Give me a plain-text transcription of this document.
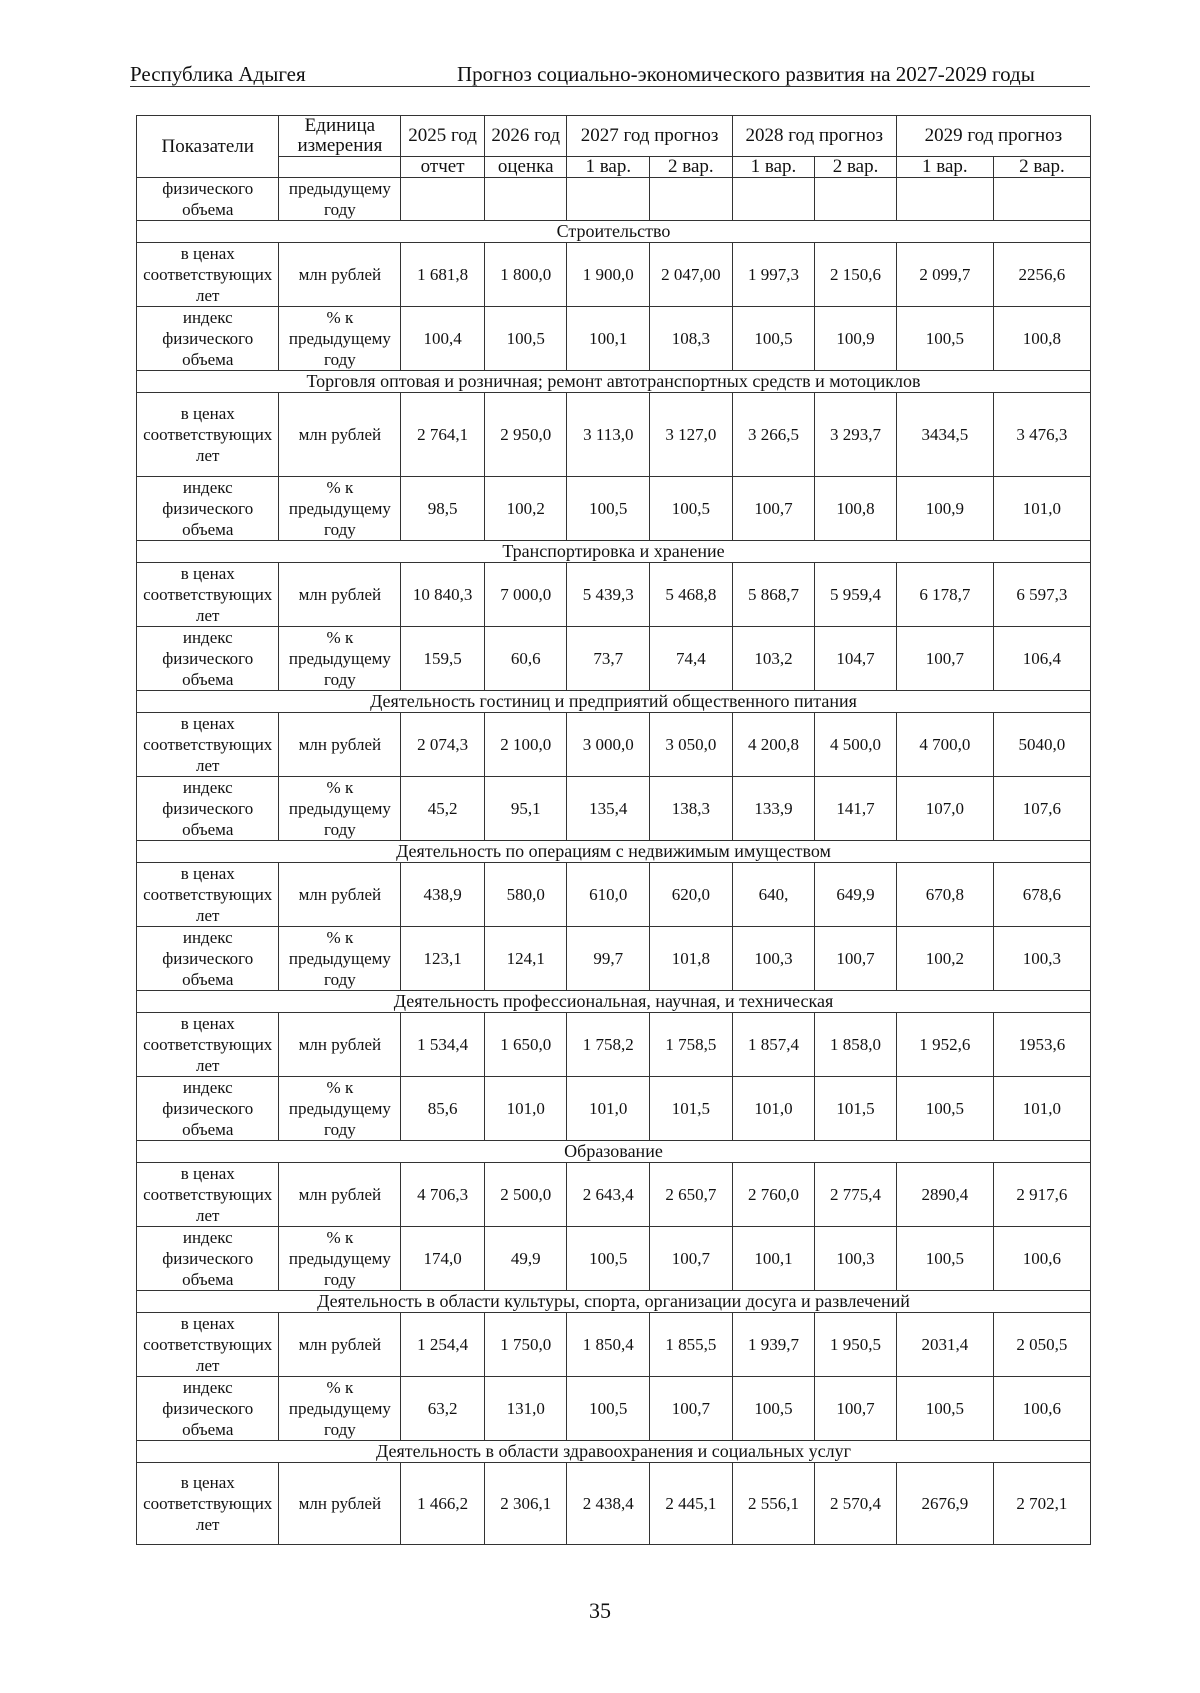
Республика Адыгея	Прогноз социально-экономического развития на 2027-2029 годы
Показатели	Единица измерения	2025 год	2026 год	2027 год прогноз		2028 год прогноз		2029 год прогноз	
		отчет	оценка	1 вар.	2 вар.	1 вар.	2 вар.	1 вар.	2 вар.
физического объема	предыдущему году								
Строительство									
в ценах соответствующих лет	млн рублей	1 681,8	1 800,0	1 900,0	2 047,00	1 997,3	2 150,6	2 099,7	2256,6
индекс физического объема	% к предыдущему году	100,4	100,5	100,1	108,3	100,5	100,9	100,5	100,8
Торговля оптовая и розничная; ремонт автотранспортных средств и мотоциклов									
в ценах соответствующих лет	млн рублей	2 764,1	2 950,0	3 113,0	3 127,0	3 266,5	3 293,7	3434,5	3 476,3
индекс физического объема	% к предыдущему году	98,5	100,2	100,5	100,5	100,7	100,8	100,9	101,0
Транспортировка и хранение									
в ценах соответствующих лет	млн рублей	10 840,3	7 000,0	5 439,3	5 468,8	5 868,7	5 959,4	6 178,7	6 597,3
индекс физического объема	% к предыдущему году	159,5	60,6	73,7	74,4	103,2	104,7	100,7	106,4
Деятельность гостиниц и предприятий общественного питания									
в ценах соответствующих лет	млн рублей	2 074,3	2 100,0	3 000,0	3 050,0	4 200,8	4 500,0	4 700,0	5040,0
индекс физического объема	% к предыдущему году	45,2	95,1	135,4	138,3	133,9	141,7	107,0	107,6
Деятельность по операциям с недвижимым имуществом									
в ценах соответствующих лет	млн рублей	438,9	580,0	610,0	620,0	640,	649,9	670,8	678,6
индекс физического объема	% к предыдущему году	123,1	124,1	99,7	101,8	100,3	100,7	100,2	100,3
Деятельность профессиональная, научная, и техническая									
в ценах соответствующих лет	млн рублей	1 534,4	1 650,0	1 758,2	1 758,5	1 857,4	1 858,0	1 952,6	1953,6
индекс физического объема	% к предыдущему году	85,6	101,0	101,0	101,5	101,0	101,5	100,5	101,0
Образование									
в ценах соответствующих лет	млн рублей	4 706,3	2 500,0	2 643,4	2 650,7	2 760,0	2 775,4	2890,4	2 917,6
индекс физического объема	% к предыдущему году	174,0	49,9	100,5	100,7	100,1	100,3	100,5	100,6
Деятельность в области культуры, спорта, организации досуга и развлечений									
в ценах соответствующих лет	млн рублей	1 254,4	1 750,0	1 850,4	1 855,5	1 939,7	1 950,5	2031,4	2 050,5
индекс физического объема	% к предыдущему году	63,2	131,0	100,5	100,7	100,5	100,7	100,5	100,6
Деятельность в области здравоохранения и социальных услуг									
в ценах соответствующих лет	млн рублей	1 466,2	2 306,1	2 438,4	2 445,1	2 556,1	2 570,4	2676,9	2 702,1
35
